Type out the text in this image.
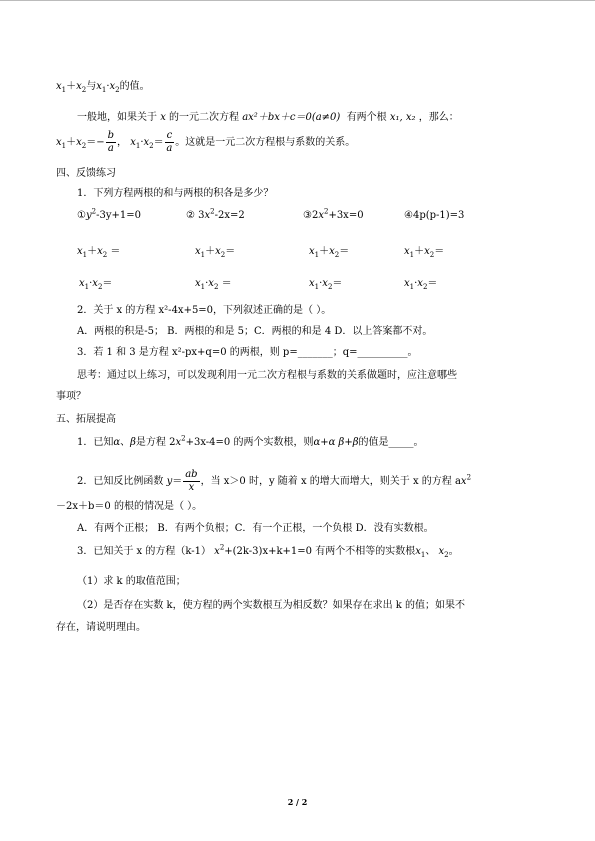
$x_1+x_2$与$x_1\cdot x_2$的值。
一般地，如果关于 x 的一元二次方程 ax²＋bx＋c＝0(a≠0) 有两个根 x₁, x₂ ，那么：
$x_1+x_2=- \frac{b}{a}$ ， $x_1\cdot x_2= \frac{c}{a}$ 。这就是一元二次方程根与系数的关系。
四、反馈练习
1．下列方程两根的和与两根的积各是多少？
$①y^2-3y+1=0$	② $3x^2-2x=2$	$③2x^2+3x=0$	④4p(p-1)=3
$x_1+x_2$ ＝	$x_1+x_2=$	$x_1+x_2=$	$x_1+x_2=$
$x_1\cdot x_2=$	$x_1\cdot x_2$ ＝	$x_1\cdot x_2=$	$x_1\cdot x_2=$
2．关于 x 的方程 x²-4x+5=0，下列叙述正确的是（ ）。
A．两根的积是-5； B．两根的和是 5；C．两根的和是 4 D．以上答案都不对。
3．若 1 和 3 是方程 x²-px+q=0 的两根，则 p=_______；q=__________。
思考：通过以上练习，可以发现利用一元二次方程根与系数的关系做题时，应注意哪些
事项？
五、拓展提高
1．已知α、β是方程 $2x^2+3x-4=0$ 的两个实数根，则α+α β+β的值是_____。
2．已知反比例函数 $y= \frac{ab}{x}$ ，当 x＞0 时，y 随着 x 的增大而增大，则关于 x 的方程 $ax^2$
－2x＋b＝0 的根的情况是（ ）。
A．有两个正根； B．有两个负根；C．有一个正根，一个负根 D．没有实数根。
3．已知关于 x 的方程（k-1） $x^2+(2k-3)x+k+1=0$ 有两个不相等的实数根$x_1$、 $x_2$。
（1）求 k 的取值范围；
（2）是否存在实数 k，使方程的两个实数根互为相反数？如果存在求出 k 的值；如果不
存在，请说明理由。
2 / 2
